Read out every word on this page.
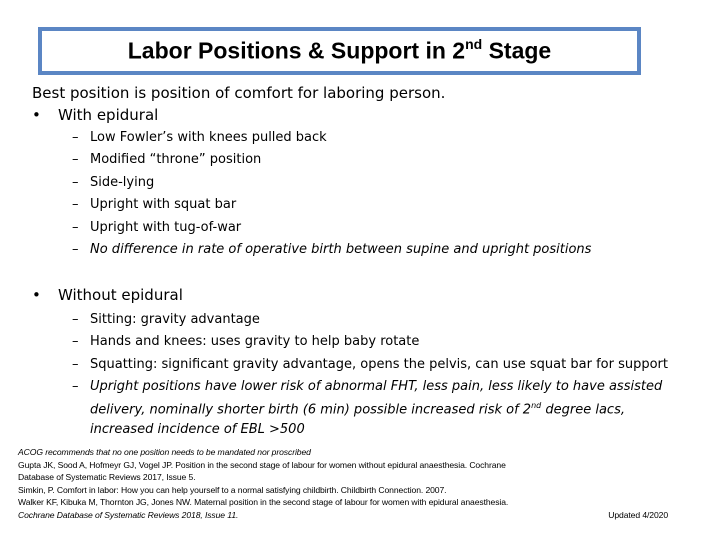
Labor Positions & Support in 2nd Stage
Best position is position of comfort for laboring person.
• With epidural
– Low Fowler’s with knees pulled back
– Modified “throne” position
– Side-lying
– Upright with squat bar
– Upright with tug-of-war
– No difference in rate of operative birth between supine and upright positions
• Without epidural
– Sitting: gravity advantage
– Hands and knees: uses gravity to help baby rotate
– Squatting: significant gravity advantage, opens the pelvis, can use squat bar for support
– Upright positions have lower risk of abnormal FHT, less pain, less likely to have assisted delivery, nominally shorter birth (6 min) possible increased risk of 2nd degree lacs, increased incidence of EBL >500
ACOG recommends that no one position needs to be mandated nor proscribed
Gupta JK, Sood A, Hofmeyr GJ, Vogel JP. Position in the second stage of labour for women without epidural anaesthesia. Cochrane
Database of Systematic Reviews 2017, Issue 5.
Simkin, P. Comfort in labor: How you can help yourself to a normal satisfying childbirth. Childbirth Connection. 2007.
Walker KF, Kibuka M, Thornton JG, Jones NW. Maternal position in the second stage of labour for women with epidural anaesthesia.
Cochrane Database of Systematic Reviews 2018, Issue 11.	Updated 4/2020
